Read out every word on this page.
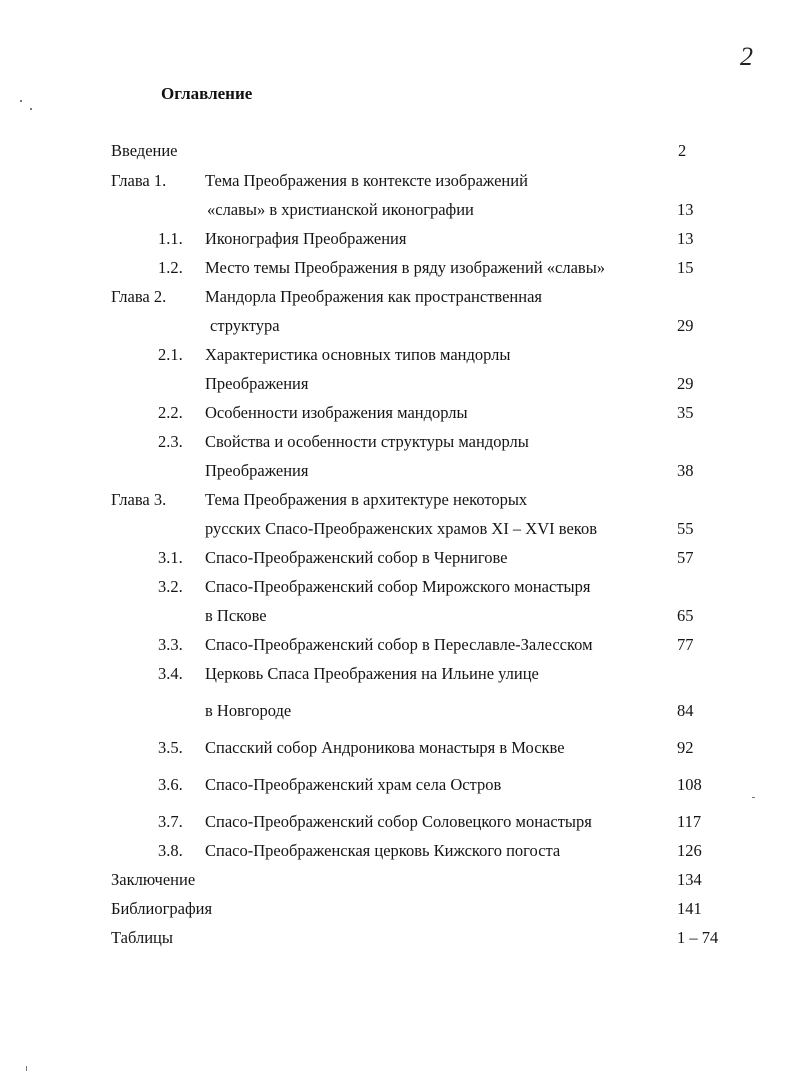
2
Оглавление
Введение	2
Глава 1. Тема Преображения в контексте изображений
«славы» в христианской иконографии	13
1.1. Иконография Преображения	13
1.2. Место темы Преображения в ряду изображений «славы»	15
Глава 2. Мандорла Преображения как пространственная
структура	29
2.1. Характеристика основных типов мандорлы
Преображения	29
2.2. Особенности изображения мандорлы	35
2.3. Свойства и особенности структуры мандорлы
Преображения	38
Глава 3. Тема Преображения в архитектуре некоторых
русских Спасо-Преображенских храмов XI – XVI веков	55
3.1. Спасо-Преображенский собор в Чернигове	57
3.2. Спасо-Преображенский собор Мирожского монастыря
в Пскове	65
3.3. Спасо-Преображенский собор в Переславле-Залесском	77
3.4. Церковь Спаса Преображения на Ильине улице
в Новгороде	84
3.5. Спасский собор Андроникова монастыря в Москве	92
3.6. Спасо-Преображенский храм села Остров	108
3.7. Спасо-Преображенский собор Соловецкого монастыря	117
3.8. Спасо-Преображенская церковь Кижского погоста	126
Заключение	134
Библиография	141
Таблицы	1 – 74
